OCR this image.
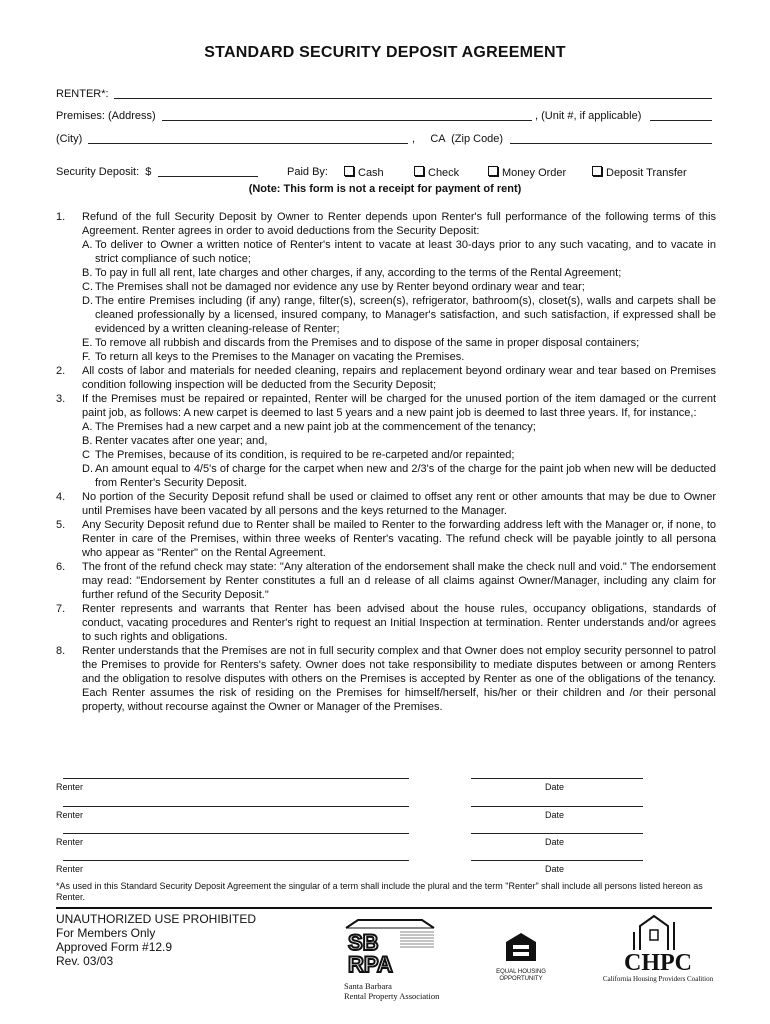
STANDARD SECURITY DEPOSIT AGREEMENT
RENTER*:
Premises: (Address)	, (Unit #, if applicable)
(City)	,     CA  (Zip Code)
Security Deposit:  $	Paid By:	Cash	Check	Money Order	Deposit Transfer
(Note: This form is not a receipt for payment of rent)
1. Refund of the full Security Deposit by Owner to Renter depends upon Renter's full performance of the following terms of this Agreement. Renter agrees in order to avoid deductions from the Security Deposit:
A. To deliver to Owner a written notice of Renter's intent to vacate at least 30-days prior to any such vacating, and to vacate in strict compliance of such notice;
B. To pay in full all rent, late charges and other charges, if any, according to the terms of the Rental Agreement;
C. The Premises shall not be damaged nor evidence any use by Renter beyond ordinary wear and tear;
D. The entire Premises including (if any) range, filter(s), screen(s), refrigerator, bathroom(s), closet(s), walls and carpets shall be cleaned professionally by a licensed, insured company, to Manager's satisfaction, and such satisfaction, if expressed shall be evidenced by a written cleaning-release of Renter;
E. To remove all rubbish and discards from the Premises and to dispose of the same in proper disposal containers;
F. To return all keys to the Premises to the Manager on vacating the Premises.
2. All costs of labor and materials for needed cleaning, repairs and replacement beyond ordinary wear and tear based on Premises condition following inspection will be deducted from the Security Deposit;
3. If the Premises must be repaired or repainted, Renter will be charged for the unused portion of the item damaged or the current paint job, as follows: A new carpet is deemed to last 5 years and a new paint job is deemed to last three years. If, for instance,:
A. The Premises had a new carpet and a new paint job at the commencement of the tenancy;
B. Renter vacates after one year; and,
C The Premises, because of its condition, is required to be re-carpeted and/or repainted;
D. An amount equal to 4/5's of charge for the carpet when new and 2/3's of the charge for the paint job when new will be deducted from Renter's Security Deposit.
4. No portion of the Security Deposit refund shall be used or claimed to offset any rent or other amounts that may be due to Owner until Premises have been vacated by all persons and the keys returned to the Manager.
5. Any Security Deposit refund due to Renter shall be mailed to Renter to the forwarding address left with the Manager or, if none, to Renter in care of the Premises, within three weeks of Renter's vacating. The refund check will be payable jointly to all persona who appear as "Renter" on the Rental Agreement.
6. The front of the refund check may state: "Any alteration of the endorsement shall make the check null and void." The endorsement may read: "Endorsement by Renter constitutes a full an d release of all claims against Owner/Manager, including any claim for further refund of the Security Deposit."
7. Renter represents and warrants that Renter has been advised about the house rules, occupancy obligations, standards of conduct, vacating procedures and Renter's right to request an Initial Inspection at termination. Renter understands and/or agrees to such rights and obligations.
8. Renter understands that the Premises are not in full security complex and that Owner does not employ security personnel to patrol the Premises to provide for Renters's safety. Owner does not take responsibility to mediate disputes between or among Renters and the obligation to resolve disputes with others on the Premises is accepted by Renter as one of the obligations of the tenancy. Each Renter assumes the risk of residing on the Premises for himself/herself, his/her or their children and /or their personal property, without recourse against the Owner or Manager of the Premises.
Renter	Date
Renter	Date
Renter	Date
Renter	Date
*As used in this Standard Security Deposit Agreement the singular of a term shall include the plural and the term "Renter" shall include all persons listed hereon as Renter.
UNAUTHORIZED USE PROHIBITED
For Members Only
Approved Form #12.9
Rev. 03/03
SB
RPA
Santa Barbara
Rental Property Association
EQUAL HOUSING
OPPORTUNITY
CHPC
California Housing Providers Coalition
